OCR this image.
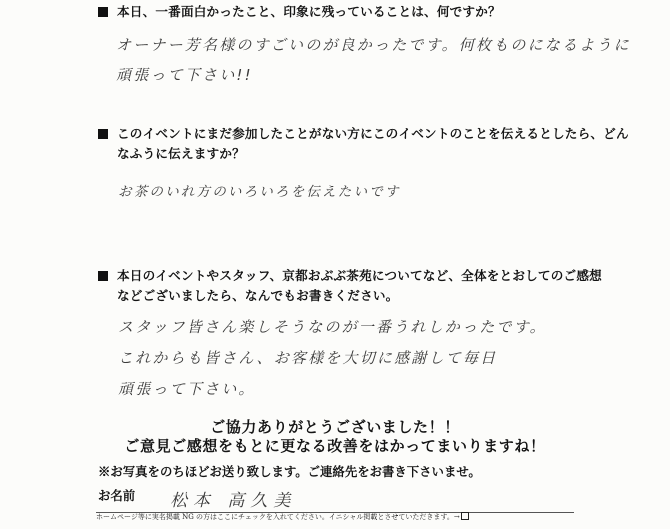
本日、一番面白かったこと、印象に残っていることは、何ですか？
オーナー芳名様のすごいのが良かったです。何枚ものになるように
頑張って下さい!!
このイベントにまだ参加したことがない方にこのイベントのことを伝えるとしたら、どん
なふうに伝えますか？
お茶のいれ方のいろいろを伝えたいです
本日のイベントやスタッフ、京都おぶぶ茶苑についてなど、全体をとおしてのご感想
などございましたら、なんでもお書きください。
スタッフ皆さん楽しそうなのが一番うれしかったです。
これからも皆さん、お客様を大切に感謝して毎日
頑張って下さい。
ご協力ありがとうございました！！
ご意見ご感想をもとに更なる改善をはかってまいりますね！
※お写真をのちほどお送り致します。ご連絡先をお書き下さいませ。
お名前 松本 高久美
ホームページ等に実名掲載 NG の方はここにチェックを入れてください。イニシャル掲載とさせていただきます。→
